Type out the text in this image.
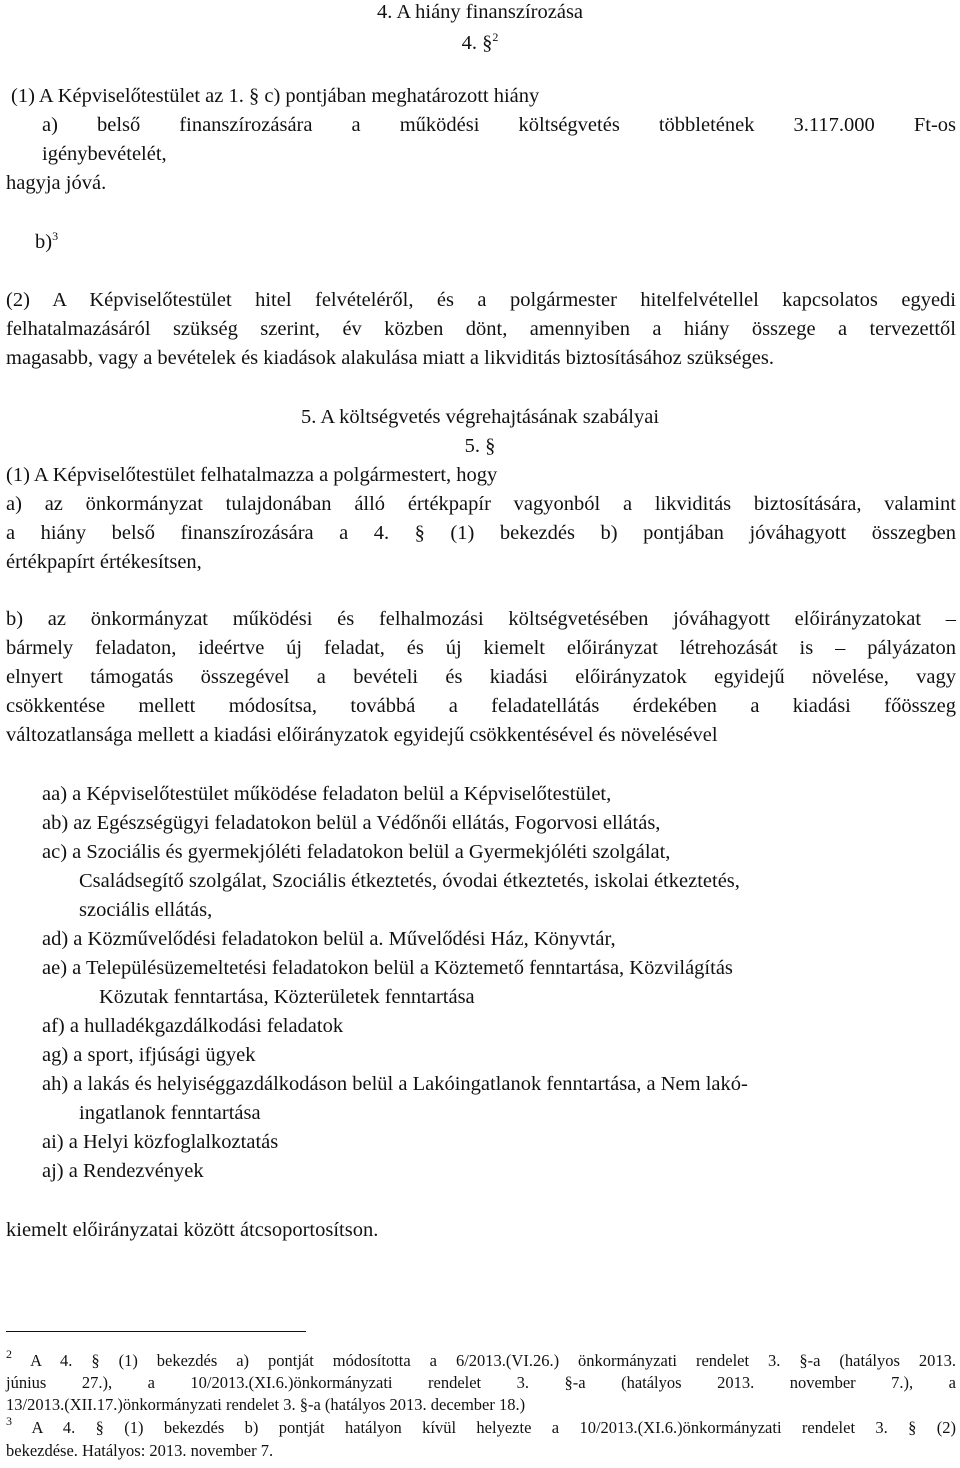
4. A hiány finanszírozása
4. §$^2$
(1) A Képviselőtestület az 1. § c) pontjában meghatározott hiány
a) belső finanszírozására a működési költségvetés többletének 3.117.000 Ft-os
igénybevételét,
hagyja jóvá.
b)$^3$
(2) A Képviselőtestület hitel felvételéről, és a polgármester hitelfelvétellel kapcsolatos egyedi
felhatalmazásáról szükség szerint, év közben dönt, amennyiben a hiány összege a tervezettől
magasabb, vagy a bevételek és kiadások alakulása miatt a likviditás biztosításához szükséges.
5. A költségvetés végrehajtásának szabályai
5. §
(1) A Képviselőtestület felhatalmazza a polgármestert, hogy
a) az önkormányzat tulajdonában álló értékpapír vagyonból a likviditás biztosítására, valamint
a hiány belső finanszírozására a 4. § (1) bekezdés b) pontjában jóváhagyott összegben
értékpapírt értékesítsen,
b) az önkormányzat működési és felhalmozási költségvetésében jóváhagyott előirányzatokat –
bármely feladaton, ideértve új feladat, és új kiemelt előirányzat létrehozását is – pályázaton
elnyert támogatás összegével a bevételi és kiadási előirányzatok egyidejű növelése, vagy
csökkentése mellett módosítsa, továbbá a feladatellátás érdekében a kiadási főösszeg
változatlansága mellett a kiadási előirányzatok egyidejű csökkentésével és növelésével
aa) a Képviselőtestület működése feladaton belül a Képviselőtestület,
ab) az Egészségügyi feladatokon belül a Védőnői ellátás, Fogorvosi ellátás,
ac) a Szociális és gyermekjóléti feladatokon belül a Gyermekjóléti szolgálat,
Családsegítő szolgálat, Szociális étkeztetés, óvodai étkeztetés, iskolai étkeztetés,
szociális ellátás,
ad) a Közművelődési feladatokon belül a. Művelődési Ház, Könyvtár,
ae) a Településüzemeltetési feladatokon belül a Köztemető fenntartása, Közvilágítás
Közutak fenntartása, Közterületek fenntartása
af) a hulladékgazdálkodási feladatok
ag) a sport, ifjúsági ügyek
ah) a lakás és helyiséggazdálkodáson belül a Lakóingatlanok fenntartása, a Nem lakó-
ingatlanok fenntartása
ai) a Helyi közfoglalkoztatás
aj) a Rendezvények
kiemelt előirányzatai között átcsoportosítson.
$^2$ A 4. § (1) bekezdés a) pontját módosította a 6/2013.(VI.26.) önkormányzati rendelet 3. §-a (hatályos 2013.
június 27.), a 10/2013.(XI.6.)önkormányzati rendelet 3. §-a (hatályos 2013. november 7.), a
13/2013.(XII.17.)önkormányzati rendelet 3. §-a (hatályos 2013. december 18.)
$^3$ A 4. § (1) bekezdés b) pontját hatályon kívül helyezte a 10/2013.(XI.6.)önkormányzati rendelet 3. § (2)
bekezdése. Hatályos: 2013. november 7.
